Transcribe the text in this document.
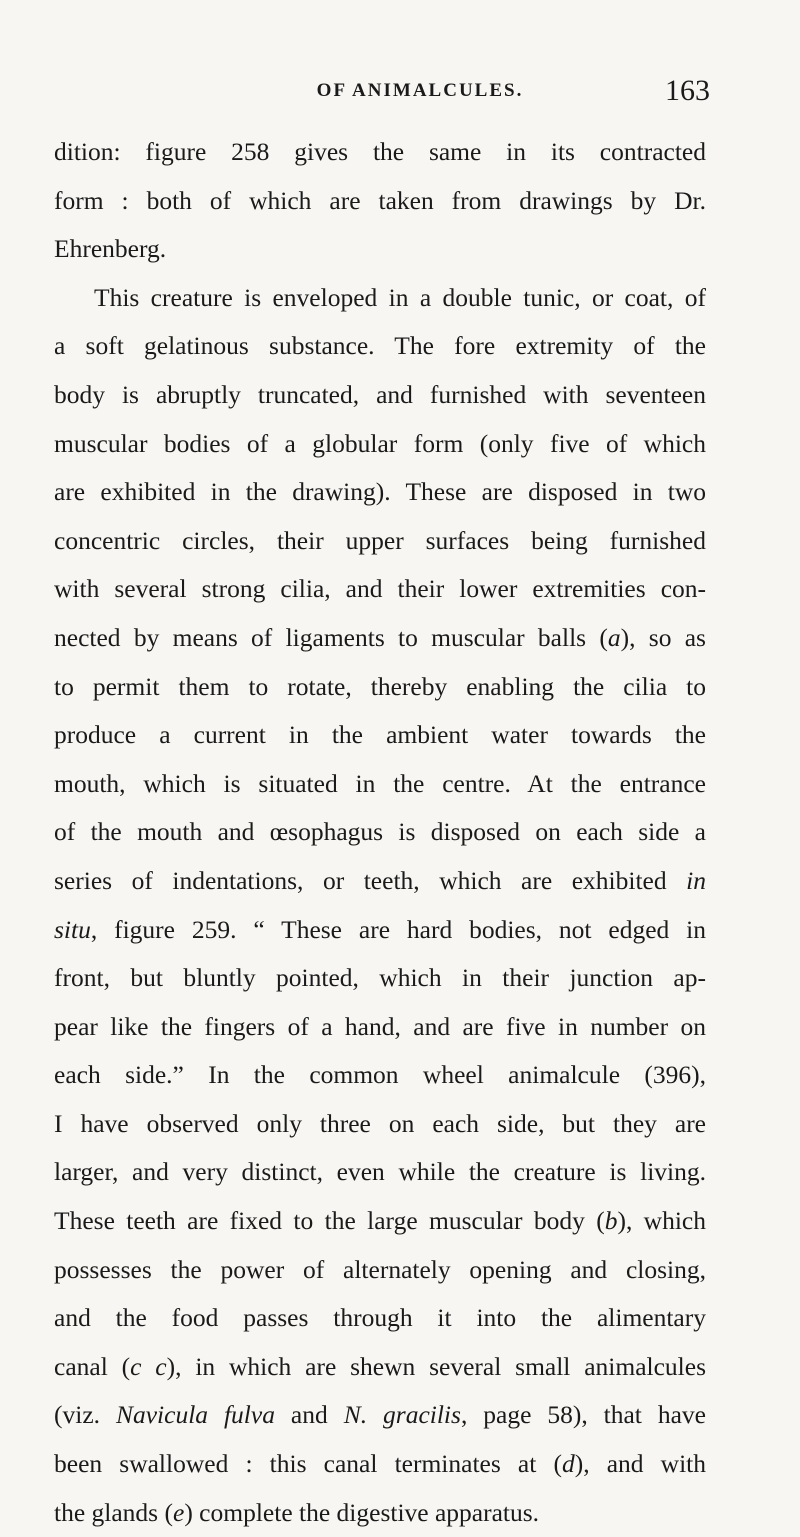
OF ANIMALCULES.	163
dition: figure 258 gives the same in its contracted
form : both of which are taken from drawings by Dr.
Ehrenberg.
This creature is enveloped in a double tunic, or coat, of
a soft gelatinous substance. The fore extremity of the
body is abruptly truncated, and furnished with seventeen
muscular bodies of a globular form (only five of which
are exhibited in the drawing). These are disposed in two
concentric circles, their upper surfaces being furnished
with several strong cilia, and their lower extremities con-
nected by means of ligaments to muscular balls (a), so as
to permit them to rotate, thereby enabling the cilia to
produce a current in the ambient water towards the
mouth, which is situated in the centre. At the entrance
of the mouth and œsophagus is disposed on each side a
series of indentations, or teeth, which are exhibited in
situ, figure 259. “ These are hard bodies, not edged in
front, but bluntly pointed, which in their junction ap-
pear like the fingers of a hand, and are five in number on
each side.” In the common wheel animalcule (396),
I have observed only three on each side, but they are
larger, and very distinct, even while the creature is living.
These teeth are fixed to the large muscular body (b), which
possesses the power of alternately opening and closing,
and the food passes through it into the alimentary
canal (c c), in which are shewn several small animalcules
(viz. Navicula fulva and N. gracilis, page 58), that have
been swallowed : this canal terminates at (d), and with
the glands (e) complete the digestive apparatus.
